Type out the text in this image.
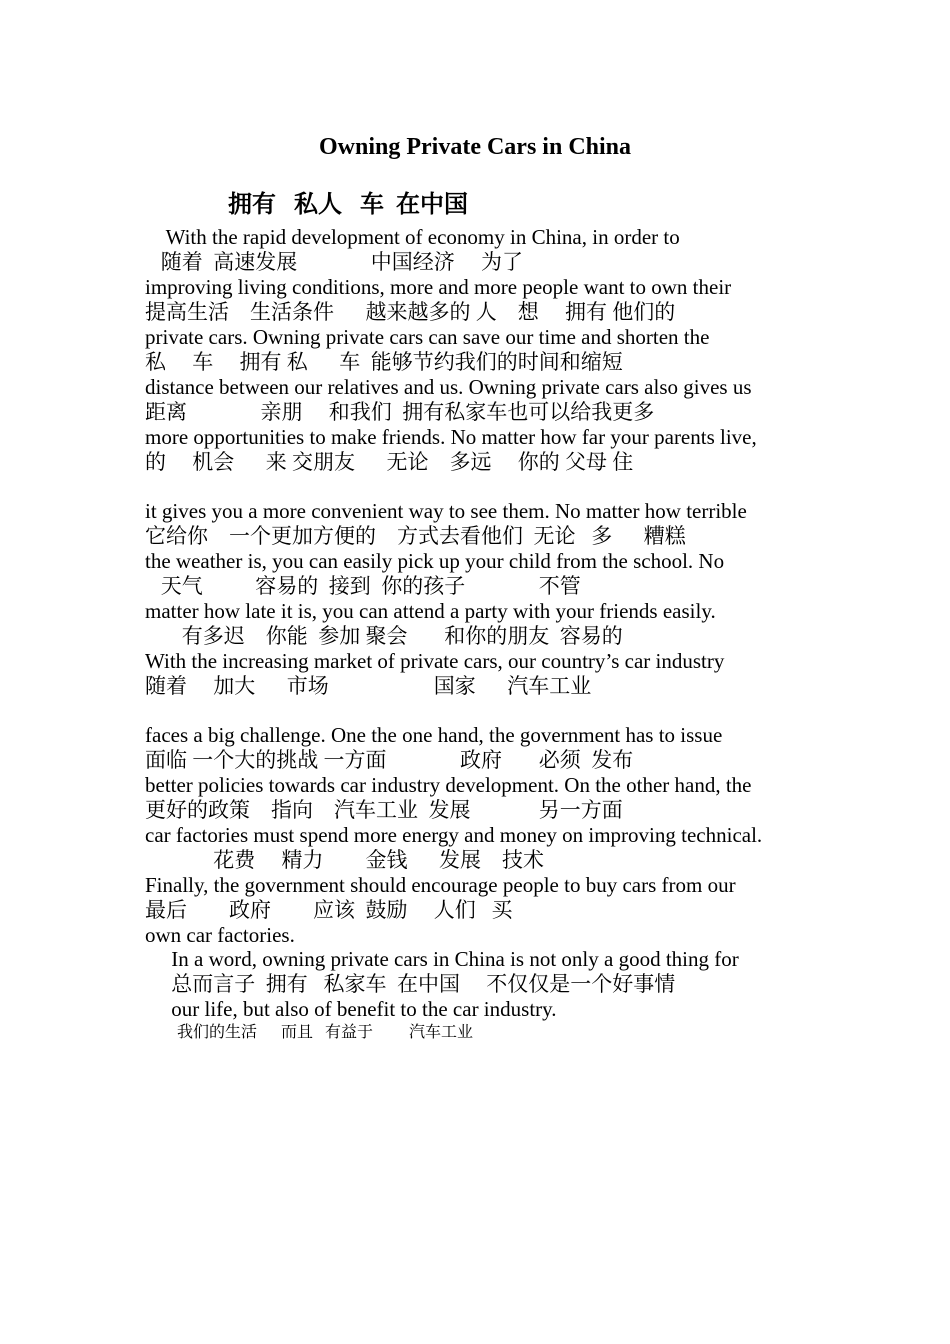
Owning Private Cars in China
拥有   私人   车  在中国
With the rapid development of economy in China, in order to
随着  高速发展              中国经济     为了
improving living conditions, more and more people want to own their
提高生活    生活条件      越来越多的 人    想     拥有 他们的
private cars. Owning private cars can save our time and shorten the
私     车     拥有 私      车  能够节约我们的时间和缩短
distance between our relatives and us. Owning private cars also gives us
距离              亲朋     和我们  拥有私家车也可以给我更多
more opportunities to make friends. No matter how far your parents live,
的     机会      来 交朋友      无论    多远     你的 父母 住
it gives you a more convenient way to see them. No matter how terrible
它给你    一个更加方便的    方式去看他们  无论   多      糟糕
the weather is, you can easily pick up your child from the school. No
天气          容易的  接到  你的孩子              不管
matter how late it is, you can attend a party with your friends easily.
有多迟    你能  参加 聚会       和你的朋友  容易的
With the increasing market of private cars, our country’s car industry
随着     加大      市场                    国家      汽车工业
faces a big challenge. One the one hand, the government has to issue
面临 一个大的挑战 一方面              政府       必须  发布
better policies towards car industry development. On the other hand, the
更好的政策    指向    汽车工业  发展             另一方面
car factories must spend more energy and money on improving technical.
花费     精力        金钱      发展    技术
Finally, the government should encourage people to buy cars from our
最后        政府        应该  鼓励     人们   买
own car factories.
In a word, owning private cars in China is not only a good thing for
总而言子  拥有   私家车  在中国     不仅仅是一个好事情
our life, but also of benefit to the car industry.
我们的生活      而且   有益于         汽车工业
